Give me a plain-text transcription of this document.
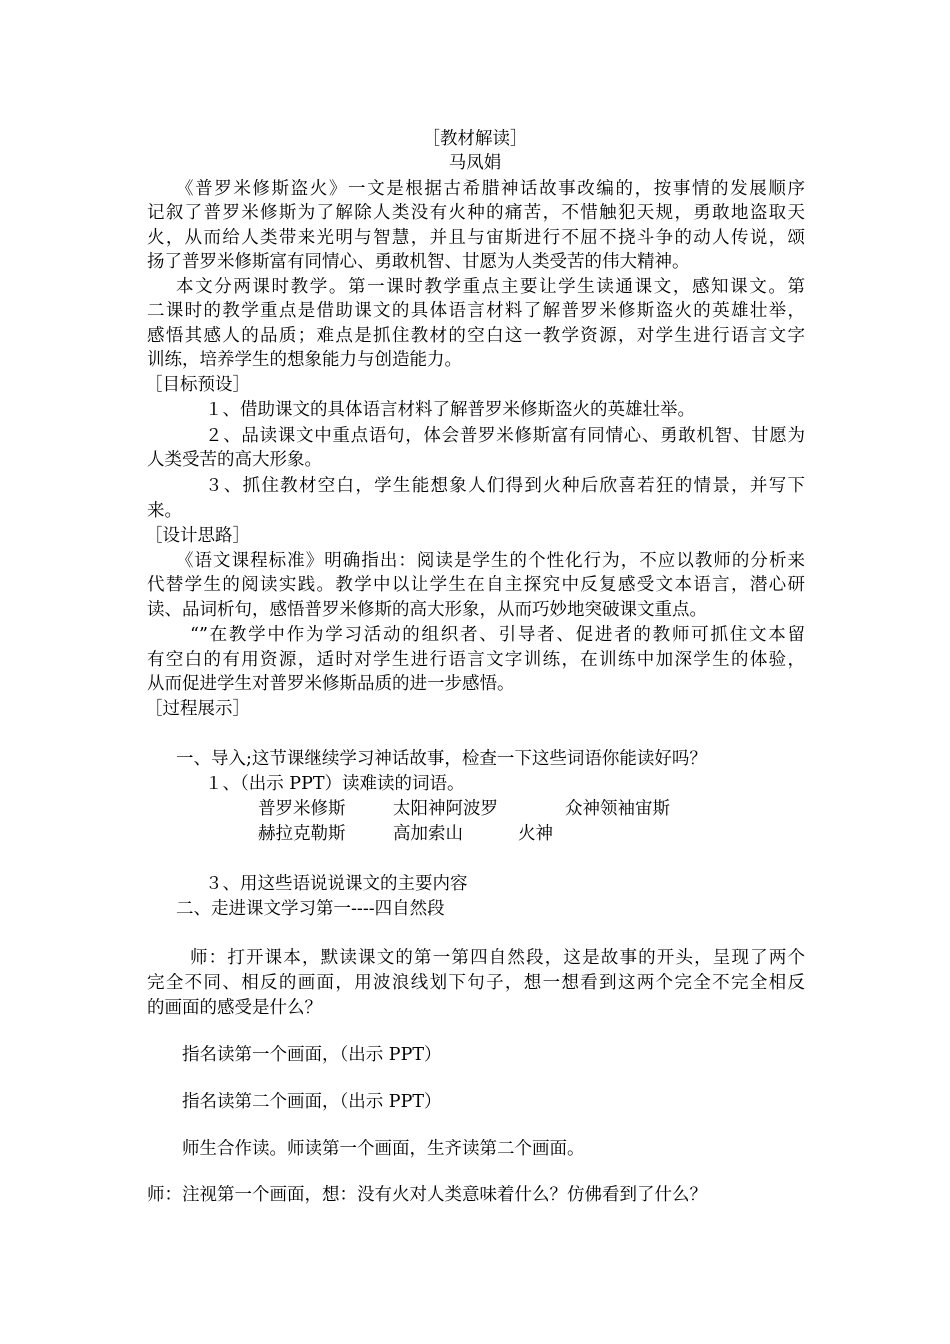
［教材解读］
马凤娟
《普罗米修斯盗火》一文是根据古希腊神话故事改编的，按事情的发展顺序
记叙了普罗米修斯为了解除人类没有火种的痛苦，不惜触犯天规，勇敢地盗取天
火，从而给人类带来光明与智慧，并且与宙斯进行不屈不挠斗争的动人传说，颂
扬了普罗米修斯富有同情心、勇敢机智、甘愿为人类受苦的伟大精神。
本文分两课时教学。第一课时教学重点主要让学生读通课文，感知课文。第
二课时的教学重点是借助课文的具体语言材料了解普罗米修斯盗火的英雄壮举，
感悟其感人的品质；难点是抓住教材的空白这一教学资源，对学生进行语言文字
训练，培养学生的想象能力与创造能力。
［目标预设］
１、借助课文的具体语言材料了解普罗米修斯盗火的英雄壮举。
２、品读课文中重点语句，体会普罗米修斯富有同情心、勇敢机智、甘愿为
人类受苦的高大形象。
３、抓住教材空白，学生能想象人们得到火种后欣喜若狂的情景，并写下
来。
［设计思路］
《语文课程标准》明确指出：阅读是学生的个性化行为，不应以教师的分析来
代替学生的阅读实践。教学中以让学生在自主探究中反复感受文本语言，潜心研
读、品词析句，感悟普罗米修斯的高大形象，从而巧妙地突破课文重点。
“”在教学中作为学习活动的组织者、引导者、促进者的教师可抓住文本留
有空白的有用资源，适时对学生进行语言文字训练，在训练中加深学生的体验，
从而促进学生对普罗米修斯品质的进一步感悟。
［过程展示］
一、导入;这节课继续学习神话故事，检查一下这些词语你能读好吗？
１、（出示 PPT）读难读的词语。
普罗米修斯	太阳神阿波罗	众神领袖宙斯
赫拉克勒斯	高加索山	火神
３、用这些语说说课文的主要内容
二、走进课文学习第一----四自然段
师：打开课本，默读课文的第一第四自然段，这是故事的开头，呈现了两个
完全不同、相反的画面，用波浪线划下句子，想一想看到这两个完全不完全相反
的画面的感受是什么？
指名读第一个画面，（出示 PPT）
指名读第二个画面，（出示 PPT）
师生合作读。师读第一个画面，生齐读第二个画面。
师：注视第一个画面，想：没有火对人类意味着什么？仿佛看到了什么？
